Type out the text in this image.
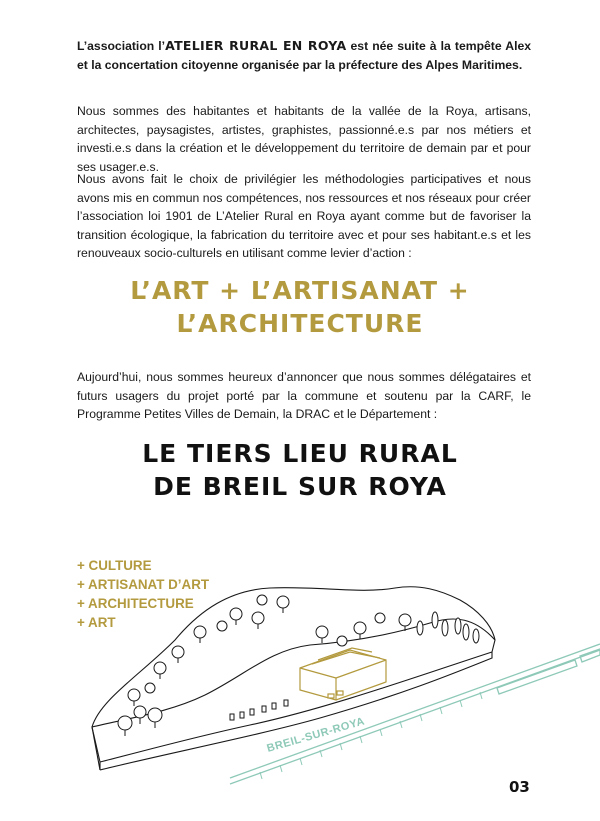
L’association l’ATELIER RURAL EN ROYA est née suite à la tempête Alex et la concertation citoyenne organisée par la préfecture des Alpes Maritimes.

Nous sommes des habitantes et habitants de la vallée de la Roya, artisans, architectes, paysagistes, artistes, graphistes, passionné.e.s par nos métiers et investi.e.s dans la création et le développement du territoire de demain par et pour ses usager.e.s.

Nous avons fait le choix de privilégier les méthodologies participatives et nous avons mis en commun nos compétences, nos ressources et nos réseaux pour créer l’association loi 1901 de L’Atelier Rural en Roya ayant comme but de favoriser la transition écologique, la fabrication du territoire avec et pour ses habitant.e.s et les renouveaux socio-culturels en utilisant comme levier d’action :

L’ART + L’ARTISANAT +
L’ARCHITECTURE

Aujourd’hui, nous sommes heureux d’annoncer que nous sommes délégataires et futurs usagers du projet porté par la commune et soutenu par la CARF, le Programme Petites Villes de Demain, la DRAC et le Département :

LE TIERS LIEU RURAL
DE BREIL SUR ROYA
BREIL-SUR-ROYA
+ CULTURE
+ ARTISANAT D’ART
+ ARCHITECTURE
+ ART
03
